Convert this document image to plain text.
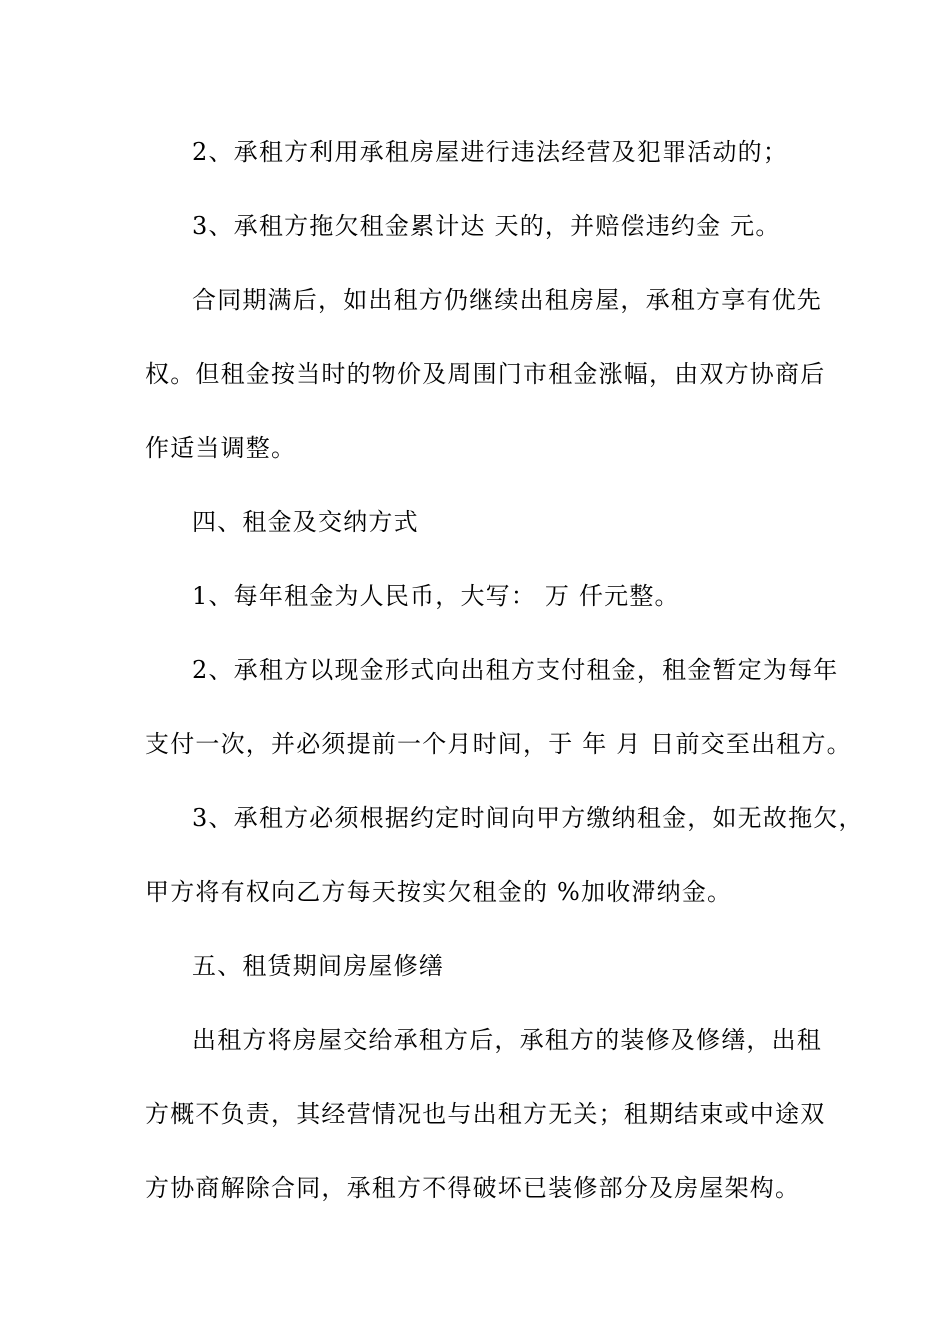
2、承租方利用承租房屋进行违法经营及犯罪活动的；
3、承租方拖欠租金累计达 天的，并赔偿违约金 元。
合同期满后，如出租方仍继续出租房屋，承租方享有优先
权。但租金按当时的物价及周围门市租金涨幅，由双方协商后
作适当调整。
四、租金及交纳方式
1、每年租金为人民币，大写： 万 仟元整。
2、承租方以现金形式向出租方支付租金，租金暂定为每年
支付一次，并必须提前一个月时间，于 年 月 日前交至出租方。
3、承租方必须根据约定时间向甲方缴纳租金，如无故拖欠，
甲方将有权向乙方每天按实欠租金的 %加收滞纳金。
五、租赁期间房屋修缮
出租方将房屋交给承租方后，承租方的装修及修缮，出租
方概不负责，其经营情况也与出租方无关；租期结束或中途双
方协商解除合同，承租方不得破坏已装修部分及房屋架构。
